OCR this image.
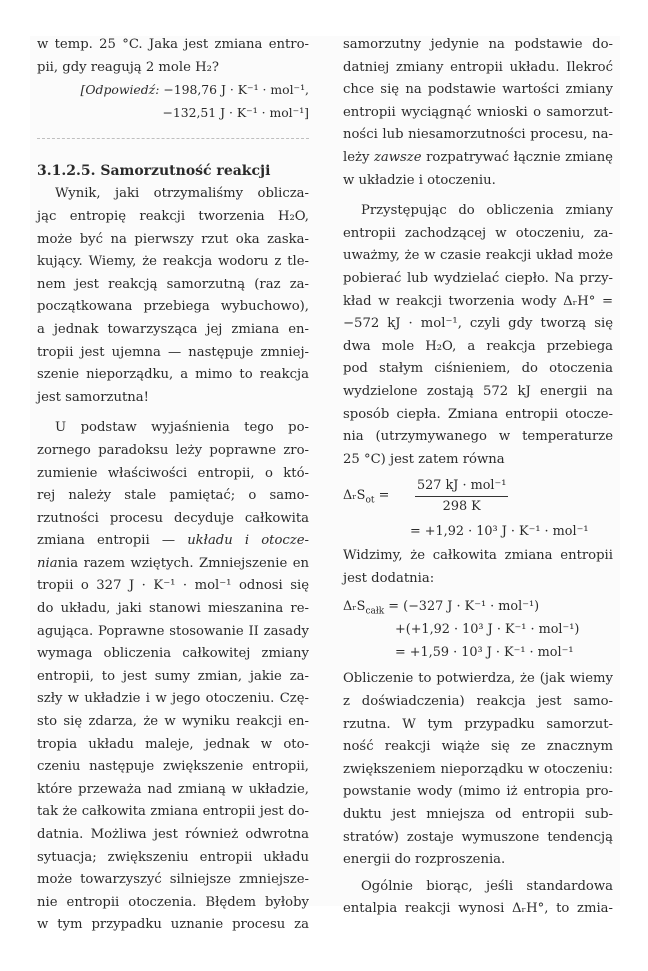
w temp. 25 °C. Jaka jest zmiana entro-
pii, gdy reagują 2 mole H₂?
[Odpowiedź: −198,76 J · K⁻¹ · mol⁻¹,
−132,51 J · K⁻¹ · mol⁻¹]
3.1.2.5. Samorzutność reakcji
Wynik, jaki otrzymaliśmy oblicza-
jąc entropię reakcji tworzenia H₂O,
może być na pierwszy rzut oka zaska-
kujący. Wiemy, że reakcja wodoru z tle-
nem jest reakcją samorzutną (raz za-
początkowana przebiega wybuchowo),
a jednak towarzysząca jej zmiana en-
tropii jest ujemna — następuje zmniej-
szenie nieporządku, a mimo to reakcja
jest samorzutna!
U podstaw wyjaśnienia tego po-
zornego paradoksu leży poprawne zro-
zumienie właściwości entropii, o któ-
rej należy stale pamiętać; o samo-
rzutności procesu decyduje całkowita
zmiana entropii — układu i otocze-
niania razem wziętych. Zmniejszenie en
tropii o 327 J · K⁻¹ · mol⁻¹ odnosi się
do układu, jaki stanowi mieszanina re-
agująca. Poprawne stosowanie II zasady
wymaga obliczenia całkowitej zmiany
entropii, to jest sumy zmian, jakie za-
szły w układzie i w jego otoczeniu. Czę-
sto się zdarza, że w wyniku reakcji en-
tropia układu maleje, jednak w oto-
czeniu następuje zwiększenie entropii,
które przeważa nad zmianą w układzie,
tak że całkowita zmiana entropii jest do-
datnia. Możliwa jest również odwrotna
sytuacja; zwiększeniu entropii układu
może towarzyszyć silniejsze zmniejsze-
nie entropii otoczenia. Błędem byłoby
w tym przypadku uznanie procesu za
samorzutny jedynie na podstawie do-
datniej zmiany entropii układu. Ilekroć
chce się na podstawie wartości zmiany
entropii wyciągnąć wnioski o samorzut-
ności lub niesamorzutności procesu, na-
leży zawsze rozpatrywać łącznie zmianę
w układzie i otoczeniu.
Przystępując do obliczenia zmiany
entropii zachodzącej w otoczeniu, za-
uważmy, że w czasie reakcji układ może
pobierać lub wydzielać ciepło. Na przy-
kład w reakcji tworzenia wody ΔᵣH° =
−572 kJ · mol⁻¹, czyli gdy tworzą się
dwa mole H₂O, a reakcja przebiega
pod stałym ciśnieniem, do otoczenia
wydzielone zostają 572 kJ energii na
sposób ciepła. Zmiana entropii otocze-
nia (utrzymywanego w temperaturze
25 °C) jest zatem równa
ΔᵣS$_{ot}$ =
527 kJ · mol⁻¹
298 K
= +1,92 · 10³ J · K⁻¹ · mol⁻¹
Widzimy, że całkowita zmiana entropii
jest dodatnia:
ΔᵣS$_{całk}$ = (−327 J · K⁻¹ · mol⁻¹)
+(+1,92 · 10³ J · K⁻¹ · mol⁻¹)
= +1,59 · 10³ J · K⁻¹ · mol⁻¹
Obliczenie to potwierdza, że (jak wiemy
z doświadczenia) reakcja jest samo-
rzutna. W tym przypadku samorzut-
ność reakcji wiąże się ze znacznym
zwiększeniem nieporządku w otoczeniu:
powstanie wody (mimo iż entropia pro-
duktu jest mniejsza od entropii sub-
stratów) zostaje wymuszone tendencją
energii do rozproszenia.
Ogólnie biorąc, jeśli standardowa
entalpia reakcji wynosi ΔᵣH°, to zmia-
